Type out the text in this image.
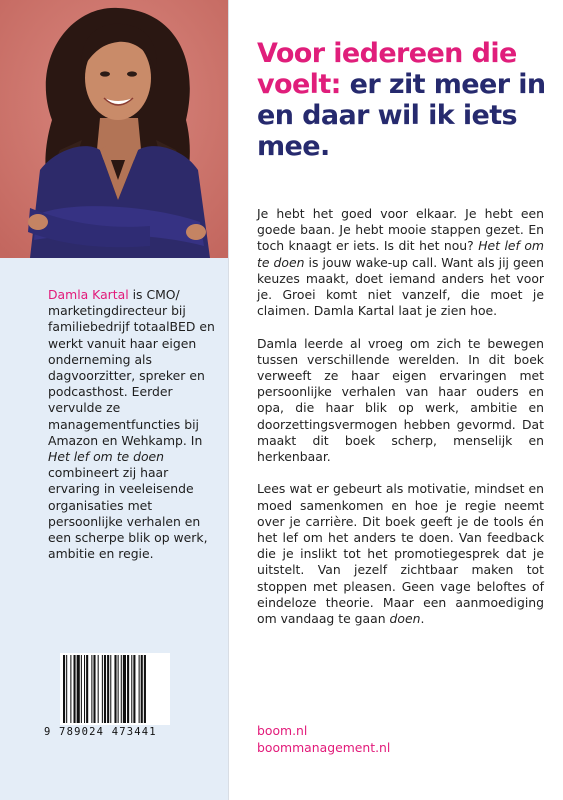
Damla Kartal is CMO/ marketingdirecteur bij familiebedrijf totaalBED en werkt vanuit haar eigen onderneming als dagvoorzitter, spreker en podcasthost. Eerder vervulde ze managementfuncties bij Amazon en Wehkamp. In Het lef om te doen combineert zij haar ervaring in veeleisende organisaties met persoonlijke verhalen en een scherpe blik op werk, ambitie en regie.
9 789024 473441
Voor iedereen die voelt: er zit meer in en daar wil ik iets mee.

Je hebt het goed voor elkaar. Je hebt een goede baan. Je hebt mooie stappen gezet. En toch knaagt er iets. Is dit het nou? Het lef om te doen is jouw wake-up call. Want als jij geen keuzes maakt, doet iemand anders het voor je. Groei komt niet vanzelf, die moet je claimen. Damla Kartal laat je zien hoe.

Damla leerde al vroeg om zich te bewegen tussen verschillende werelden. In dit boek verweeft ze haar eigen ervaringen met persoonlijke verhalen van haar ouders en opa, die haar blik op werk, ambitie en doorzettingsvermogen hebben gevormd. Dat maakt dit boek scherp, menselijk en herkenbaar.

Lees wat er gebeurt als motivatie, mindset en moed samenkomen en hoe je regie neemt over je carrière. Dit boek geeft je de tools én het lef om het anders te doen. Van feedback die je inslikt tot het promotiegesprek dat je uitstelt. Van jezelf zichtbaar maken tot stoppen met pleasen. Geen vage beloftes of eindeloze theorie. Maar een aanmoediging om vandaag te gaan doen.

boom.nl
boommanagement.nl
